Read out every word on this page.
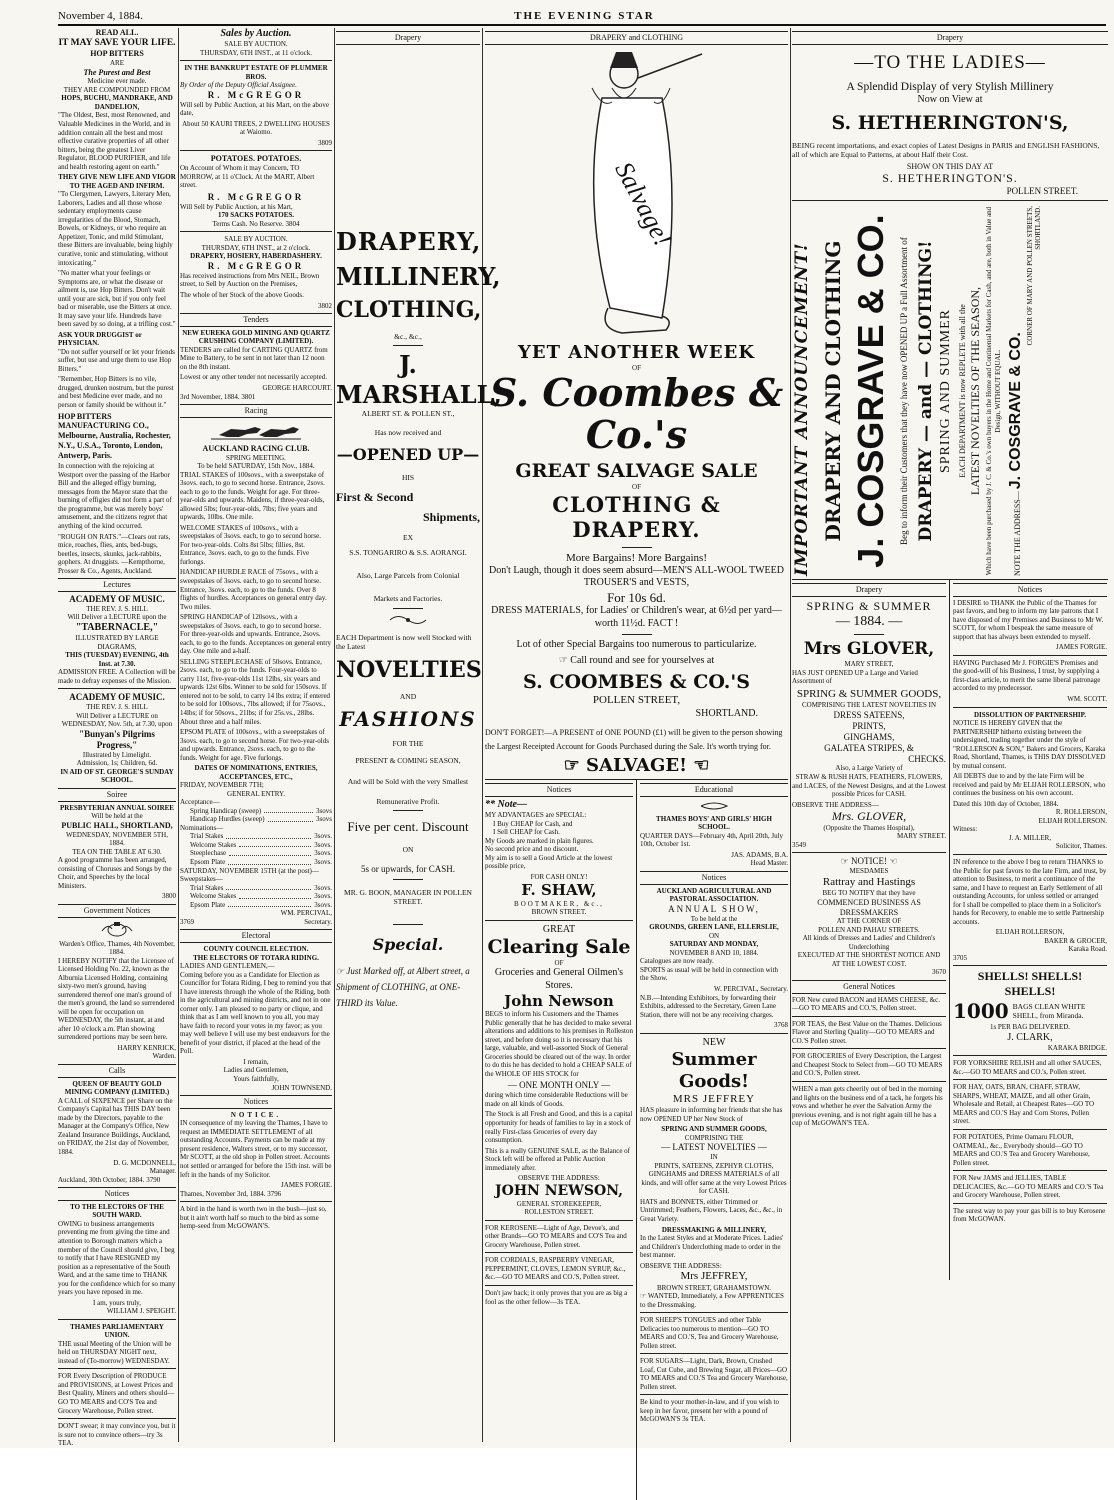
November 4, 1884.	THE EVENING STAR
READ ALL.
IT MAY SAVE YOUR LIFE.
HOP BITTERS
ARE
The Purest and Best
Medicine ever made.
THEY ARE COMPOUNDED FROM
HOPS, BUCHU, MANDRAKE, AND DANDELION,

"The Oldest, Best, most Renowned, and Valuable Medicines in the World, and in addition contain all the best and most effective curative properties of all other bitters, being the greatest Liver Regulator, BLOOD PURIFIER, and life and health restoring agent on earth."

THEY GIVE NEW LIFE AND VIGOR TO THE AGED AND INFIRM.

"To Clergymen, Lawyers, Literary Men, Laborers, Ladies and all those whose sedentary employments cause irregularities of the Blood, Stomach, Bowels, or Kidneys, or who require an Appetizer, Tonic, and mild Stimulant, these Bitters are invaluable, being highly curative, tonic and stimulating, without intoxicating."

"No matter what your feelings or Symptoms are, or what the disease or ailment is, use Hop Bitters. Don't wait until your are sick, but if you only feel bad or miserable, use the Bitters at once. It may save your life. Hundreds have been saved by so doing, at a trifling cost."

ASK YOUR DRUGGIST or PHYSICIAN.

"Do not suffer yourself or let your friends suffer, but use and urge them to use Hop Bitters."

"Remember, Hop Bitters is no vile, drugged, drunken nostrum, but the purest and best Medicine ever made, and no person or family should be without it."

HOP BITTERS MANUFACTURING CO., Melbourne, Australia, Rochester, N.Y., U.S.A., Toronto, London, Antwerp, Paris.

In connection with the rejoicing at Westport over the passing of the Harbor Bill and the alleged effigy burning, messages from the Mayor state that the burning of effigies did not form a part of the programme, but was merely boys' amusement, and the citizens regret that anything of the kind occurred.

"ROUGH ON RATS."—Clears out rats, mice, roaches, flies, ants, bed-bugs, beetles, insects, skunks, jack-rabbits, gophers. At druggists. —Kempthorne, Prosser & Co., Agents, Auckland.

Lectures
ACADEMY OF MUSIC.
THE REV. J. S. HILL
Will Deliver a LECTURE upon the
"TABERNACLE,"
ILLUSTRATED BY LARGE DIAGRAMS,
THIS (TUESDAY) EVENING, 4th Inst. at 7.30.

ADMISSION FREE. A Collection will be made to defray expenses of the Mission.

ACADEMY OF MUSIC.
THE REV. J. S. HILL
Will Deliver a LECTURE on WEDNESDAY, Nov. 5th, at 7.30, upon
"Bunyan's Pilgrims Progress,"
Illustrated by Limelight.
Admission, 1s; Children, 6d.
IN AID OF ST. GEORGE'S SUNDAY SCHOOL.
Soiree
PRESBYTERIAN ANNUAL SOIREE
Will be held at the
PUBLIC HALL, SHORTLAND,
WEDNESDAY, NOVEMBER 5TH, 1884.
TEA ON THE TABLE AT 6.30.

A good programme has been arranged, consisting of Choruses and Songs by the Choir, and Speeches by the local Ministers.

3800
Government Notices
Warden's Office, Thames, 4th November, 1884.

I HEREBY NOTIFY that the Licensee of Licensed Holding No. 22, known as the Alburnia Licensed Holding, containing sixty-two men's ground, having surrendered thereof one man's ground of the men's ground, the land so surrendered will be open for occupation on WEDNESDAY, the 5th instant, at and after 10 o'clock a.m. Plan showing surrendered portions may be seen here.

HARRY KENRICK,
Warden.
Calls
QUEEN OF BEAUTY GOLD MINING COMPANY (LIMITED.)

A CALL of SIXPENCE per Share on the Company's Capital has THIS DAY been made by the Directors, payable to the Manager at the Company's Office, New Zealand Insurance Buildings, Auckland, on FRIDAY, the 21st day of November, 1884.

D. G. MCDONNELL,
Manager.
Auckland, 30th October, 1884. 3790
Notices
TO THE ELECTORS OF THE SOUTH WARD.

OWING to business arrangements preventing me from giving the time and attention to Borough matters which a member of the Council should give, I beg to notify that I have RESIGNED my position as a representative of the South Ward, and at the same time to THANK you for the confidence which for so many years you have reposed in me.

I am, yours truly,
WILLIAM J. SPEIGHT.
THAMES PARLIAMENTARY UNION.

THE usual Meeting of the Union will be held on THURSDAY NIGHT next, instead of (To-morrow) WEDNESDAY.

FOR Every Description of PRODUCE and PROVISIONS, at Lowest Prices and Best Quality, Miners and others should—GO TO MEARS and CO'S Tea and Grocery Warehouse, Pollen street.

DON'T swear; it may convince you, but it is sure not to convince others—try 3s TEA.

Sales by Auction.
SALE BY AUCTION.
THURSDAY, 6TH INST., at 11 o'clock.
IN THE BANKRUPT ESTATE OF PLUMMER BROS.
By Order of the Deputy Official Assignee.
R. McGREGOR

Will sell by Public Auction, at his Mart, on the above date,

About 50 KAURI TREES, 2 DWELLING HOUSES at Waiomo.

3809
POTATOES. POTATOES.

On Account of Whom it may Concern, TO MORROW, at 11 o'Clock. At the MART, Albert street.

R. McGREGOR
Will Sell by Public Auction, at his Mart,
170 SACKS POTATOES.
Terms Cash. No Reserve. 3804
SALE BY AUCTION.
THURSDAY, 6TH INST., at 2 o'clock.
DRAPERY, HOSIERY, HABERDASHERY.
R. McGREGOR

Has received instructions from Mrs NEIL, Brown street, to Sell by Auction on the Premises,

The whole of her Stock of the above Goods.

3802
Tenders
NEW EUREKA GOLD MINING AND QUARTZ CRUSHING COMPANY (LIMITED).

TENDERS are called for CARTING QUARTZ from Mine to Battery, to be sent in not later than 12 noon on the 8th instant.

Lowest or any other tender not necessarily accepted.

GEORGE HARCOURT.
3rd November, 1884. 3801
Racing
AUCKLAND RACING CLUB.
SPRING MEETING.
To be held SATURDAY, 15th Nov., 1884.

TRIAL STAKES of 100sovs., with a sweepstake of 3sovs. each, to go to second horse. Entrance, 2sovs. each to go to the funds. Weight for age. For three-year-olds and upwards. Maidens, if three-year-olds, allowed 5lbs; four-year-olds, 7lbs; five years and upwards, 10lbs. One mile.

WELCOME STAKES of 100sovs., with a sweepstakes of 3sovs. each, to go to second horse. For two-year-olds. Colts 8st 5lbs; fillies, 8st. Entrance, 3sovs. each, to go to the funds. Five furlongs.

HANDICAP HURDLE RACE of 75sovs., with a sweepstakes of 3sovs. each, to go to second horse. Entrance, 3sovs. each, to go to the funds. Over 8 flights of hurdles. Acceptances on general entry day. Two miles.

SPRING HANDICAP of 120sovs., with a sweepstakes of 3sovs. each, to go to second horse. For three-year-olds and upwards. Entrance, 2sovs. each, to go to the funds. Acceptances on general entry day. One mile and a-half.

SELLING STEEPLECHASE of 50sovs. Entrance, 2sovs. each, to go to the funds. Four-year-olds to carry 11st, five-year-olds 11st 12lbs, six years and upwards 12st 6lbs. Winner to be sold for 150sovs. If entered not to be sold, to carry 14 lbs extra; if entered to be sold for 100sovs., 7lbs allowed; if for 75sovs., 14lbs; if for 50sovs., 21lbs; if for 25s.vs., 28lbs. About three and a half miles.

EPSOM PLATE of 100sovs., with a sweepstakes of 3sovs. each, to go to second horse. For two-year-olds and upwards. Entrance, 2sovs. each, to go to the funds. Weight for age. Five furlongs.

DATES OF NOMINATIONS, ENTRIES, ACCEPTANCES, ETC.,
FRIDAY, NOVEMBER 7TH;
GENERAL ENTRY.
Acceptance—
Spring Handicap (sweep)	3sovs
Handicap Hurdles (sweep)	3sovs
Nominations—
Trial Stakes	3sovs.
Welcome Stakes	3sovs.
Steeplechase	3sovs.
Epsom Plate	3sovs.
SATURDAY, NOVEMBER 15TH (at the post)—
Sweepstakes—
Trial Stakes	3sovs.
Welcome Stakes	3sovs.
Epsom Plate	3sovs.
WM. PERCIVAL,
3769	Secretary.
Electoral
COUNTY COUNCIL ELECTION.
THE ELECTORS OF TOTARA RIDING.
LADIES AND GENTLEMEN,—

Coming before you as a Candidate for Election as Councillor for Totara Riding, I beg to remind you that I have interests through the whole of the Riding, both in the agricultural and mining districts, and not in one corner only. I am pleased to no party or clique, and think that as I am well known to you all, you may have faith to record your votes in my favor; as you may well believe I will use my best endeavors for the benefit of your district, if placed at the head of the Poll.

I remain,
Ladies and Gentlemen,
Yours faithfully,
JOHN TOWNSEND.
Notices
NOTICE.

IN consequence of my leaving the Thames, I have to request an IMMEDIATE SETTLEMENT of all outstanding Accounts. Payments can be made at my present residence, Walters street, or to my successor, Mr SCOTT, at the old shop in Pollen street. Accounts not settled or arranged for before the 15th inst. will be left in the hands of my Solicitor.

JAMES FORGIE.
Thames, November 3rd, 1884. 3796

A bird in the hand is worth two in the bush—just so, but it ain't worth half so much to the bird as some hemp-seed from McGOWAN'S.

Drapery
DRAPERY,
MILLINERY,
CLOTHING,
&c., &c.,
J. MARSHALL,
ALBERT ST. & POLLEN ST.,
Has now received and
—OPENED UP—
HIS
First & Second
Shipments,
EX
S.S. TONGARIRO & S.S. AORANGI.
Also, Large Parcels from Colonial
Markets and Factories.

EACH Department is now well Stocked with the Latest

NOVELTIES
AND
FASHIONS
FOR THE
PRESENT & COMING SEASON,
And will be Sold with the very Smallest
Remunerative Profit.
Five per cent. Discount
ON
5s or upwards, for CASH.
MR. G. BOON, MANAGER IN POLLEN STREET.
Special.

☞ Just Marked off, at Albert street, a Shipment of CLOTHING, at ONE-THIRD its Value.

DRAPERY and CLOTHING
Salvage!
YET ANOTHER WEEK
OF
S. Coombes & Co.'s
GREAT SALVAGE SALE
OF
CLOTHING & DRAPERY.
More Bargains! More Bargains!
Don't Laugh, though it does seem absurd—MEN'S ALL-WOOL TWEED TROUSER'S and VESTS,
For 10s 6d.
DRESS MATERIALS, for Ladies' or Children's wear, at 6½d per yard—worth 11½d. FACT !
Lot of other Special Bargains too numerous to particularize.
☞ Call round and see for yourselves at
S. COOMBES & CO.'S
POLLEN STREET,
SHORTLAND.

DON'T FORGET!—A PRESENT of ONE POUND (£1) will be given to the person showing the Largest Receipted Account for Goods Purchased during the Sale. It's worth trying for.

☞ SALVAGE! ☜
Notices
** Note—
MY ADVANTAGES are SPECIAL:
I Buy CHEAP for Cash, and
I Sell CHEAP for Cash.
My Goods are marked in plain figures.
No second price and no discount.

My aim is to sell a Good Article at the lowest possible price,

FOR CASH ONLY!
F. SHAW,
BOOTMAKER, &c.,
BROWN STREET.
GREAT
Clearing Sale
OF
Groceries and General Oilmen's Stores.
John Newson

BEGS to inform his Customers and the Thames Public generally that he has decided to make several alterations and additions to his premises in Rolleston street, and before doing so it is necessary that his large, valuable, and well-assorted Stock of General Groceries should be cleared out of the way. In order to do this he has decided to hold a CHEAP SALE of the WHOLE OF HIS STOCK for

— ONE MONTH ONLY —

during which time considerable Reductions will be made on all kinds of Goods.

The Stock is all Fresh and Good, and this is a capital opportunity for heads of families to lay in a stock of really First-class Groceries of every day consumption.

This is a really GENUINE SALE, as the Balance of Stock left will be offered at Public Auction immediately after.

OBSERVE THE ADDRESS:
JOHN NEWSON,
GENERAL STOREKEEPER,
ROLLESTON STREET.

FOR KEROSENE—Light of Age, Devoe's, and other Brands—GO TO MEARS and CO'S Tea and Grocery Warehouse, Pollen street.

FOR CORDIALS, RASPBERRY VINEGAR, PEPPERMINT, CLOVES, LEMON SYRUP, &c., &c.—GO TO MEARS and CO.'S, Pollen street.

Don't jaw back; it only proves that you are as big a fool as the other fellow—3s TEA.

Educational
THAMES BOYS' AND GIRLS' HIGH SCHOOL.

QUARTER DAYS—February 4th, April 20th, July 10th, October 1st.

JAS. ADAMS, B.A.
Head Master.
Notices
AUCKLAND AGRICULTURAL AND PASTORAL ASSOCIATION.
ANNUAL SHOW,
To be held at the
GROUNDS, GREEN LANE, ELLERSLIE,
ON
SATURDAY AND MONDAY,
NOVEMBER 8 AND 10, 1884.
Catalogues are now ready.

SPORTS as usual will be held in connection with the Show.

W. PERCIVAL, Secretary.

N.B.—Intending Exhibitors, by forwarding their Exhibits, addressed to the Secretary, Green Lane Station, there will not be any receiving charges.

3768
NEW
Summer Goods!
MRS JEFFREY

HAS pleasure in informing her friends that she has now OPENED UP her New Stock of

SPRING AND SUMMER GOODS,
COMPRISING THE
— LATEST NOVELTIES —
IN

PRINTS, SATEENS, ZEPHYR CLOTHS, GINGHAMS and DRESS MATERIALS of all kinds, and will offer same at the very Lowest Prices for CASH.

HATS and BONNETS, either Trimmed or Untrimmed; Feathers, Flowers, Laces, &c., &c., in Great Variety.

DRESSMAKING & MILLINERY,

In the Latest Styles and at Moderate Prices. Ladies' and Children's Underclothing made to order in the best manner.

OBSERVE THE ADDRESS:
Mrs JEFFREY,
BROWN STREET, GRAHAMSTOWN.

☞ WANTED, Immediately, a Few APPRENTICES to the Dressmaking.

FOR SHEEP'S TONGUES and other Table Delicacies too numerous to mention—GO TO MEARS and CO.'S, Tea and Grocery Warehouse, Pollen street.

FOR SUGARS—Light, Dark, Brown, Crushed Loaf, Cut Cube, and Brewing Sugar, all Prices—GO TO MEARS and CO.'S Tea and Grocery Warehouse, Pollen street.

Be kind to your mother-in-law, and if you wish to keep in her favor, present her with a pound of McGOWAN'S 3s TEA.

Drapery
—TO THE LADIES—
A Splendid Display of very Stylish Millinery
Now on View at
S. HETHERINGTON'S,

BEING recent importations, and exact copies of Latest Designs in PARIS and ENGLISH FASHIONS, all of which are Equal to Patterns, at about Half their Cost.

SHOW ON THIS DAY AT
S. HETHERINGTON'S.
POLLEN STREET.
IMPORTANT ANNOUNCEMENT! DRAPERY AND CLOTHING J. COSGRAVE & CO. Beg to inform their Customers that they have now OPENED UP a Full Assortment of DRAPERY — and — CLOTHING! SPRING AND SUMMER EACH DEPARTMENT is now REPLETE with all the LATEST NOVELTIES OF THE SEASON, Which have been purchased by J. C. & Co.'s own buyers in the Home and Continental Markets for Cash, and are, both in Value and Design, WITHOUT EQUAL.
NOTE THE ADDRESS— J. COSGRAVE & CO.
CORNER OF MARY AND POLLEN STREETS, SHORTLAND.
Drapery
SPRING & SUMMER
— 1884. —
Mrs GLOVER,
MARY STREET,

HAS JUST OPENED UP a Large and Varied Assortment of

SPRING & SUMMER GOODS,
COMPRISING THE LATEST NOVELTIES IN
DRESS SATEENS,
PRINTS,
GINGHAMS,
GALATEA STRIPES, &
CHECKS.
Also, a Large Variety of

STRAW & RUSH HATS, FEATHERS, FLOWERS, and LACES, of the Newest Designs, and at the Lowest possible Prices for CASH.

OBSERVE THE ADDRESS—
Mrs. GLOVER,
(Opposite the Thames Hospital),
MARY STREET.
3549
☞ NOTICE! ☜
MESDAMES
Rattray and Hastings
BEG TO NOTIFY that they have
COMMENCED BUSINESS AS DRESSMAKERS
AT THE CORNER OF
POLLEN AND PAHAU STREETS.
All kinds of Dresses and Ladies' and Children's Underclothing
EXECUTED AT THE SHORTEST NOTICE AND
AT THE LOWEST COST.
3670
General Notices

FOR New cured BACON and HAMS CHEESE, &c.—GO TO MEARS and CO.'S, Pollen street.

FOR TEAS, the Best Value on the Thames. Delicious Flavor and Sterling Quality—GO TO MEARS and CO.'S Pollen street.

FOR GROCERIES of Every Description, the Largest and Cheapest Stock to Select from—GO TO MEARS and CO.'S, Pollen street.

WHEN a man gets cheerily out of bed in the morning and lights on the business end of a tack, he forgets his vows and whether he ever the Salvation Army the previous evening, and is not right again till he has a cup of McGOWAN'S TEA.

Notices

I DESIRE to THANK the Public of the Thames for past favors, and beg to inform my late patrons that I have disposed of my Premises and Business to Mr W. SCOTT, for whom I bespeak the same measure of support that has always been extended to myself.

JAMES FORGIE.

HAVING Purchased Mr J. FORGIE'S Premises and the good-will of his Business, I trust, by supplying a first-class article, to merit the same liberal patronage accorded to my predecessor.

WM. SCOTT.
DISSOLUTION OF PARTNERSHIP.

NOTICE IS HEREBY GIVEN that the PARTNERSHIP hitherto existing between the undersigned, trading together under the style of "ROLLERSON & SON," Bakers and Grocers, Karaka Road, Shortland, Thames, is THIS DAY DISSOLVED by mutual consent.

All DEBTS due to and by the late Firm will be received and paid by Mr ELIJAH ROLLERSON, who continues the business on his own account.

Dated this 10th day of October, 1884.
R. ROLLERSON,
ELIJAH ROLLERSON.
Witness:
J. A. MILLER,
Solicitor, Thames.

IN reference to the above I beg to return THANKS to the Public for past favors to the late Firm, and trust, by attention to Business, to merit a continuance of the same, and I have to request an Early Settlement of all outstanding Accounts, for unless settled or arranged for I shall be compelled to place them in a Solicitor's hands for Recovery, to enable me to settle Partnership accounts.

ELIJAH ROLLERSON,
BAKER & GROCER,
Karaka Road.
3705
SHELLS! SHELLS! SHELLS!
1000 BAGS CLEAN WHITE SHELL, from Miranda.
1s PER BAG DELIVERED.
J. CLARK,
KARAKA BRIDGE.

FOR YORKSHIRE RELISH and all other SAUCES, &c.—GO TO MEARS and CO.'s, Pollen street.

FOR HAY, OATS, BRAN, CHAFF, STRAW, SHARPS, WHEAT, MAIZE, and all other Grain, Wholesale and Retail, at Cheapest Rates—GO TO MEARS and CO.'S Hay and Corn Stores, Pollen street.

FOR POTATOES, Prime Oamaru FLOUR, OATMEAL, &c., Everybody should—GO TO MEARS and CO.'S Tea and Grocery Warehouse, Pollen street.

FOR New JAMS and JELLIES, TABLE DELICACIES, &c.—GO TO MEARS and CO.'S Tea and Grocery Warehouse, Pollen street.

The surest way to pay your gas bill is to buy Kerosene from McGOWAN.
